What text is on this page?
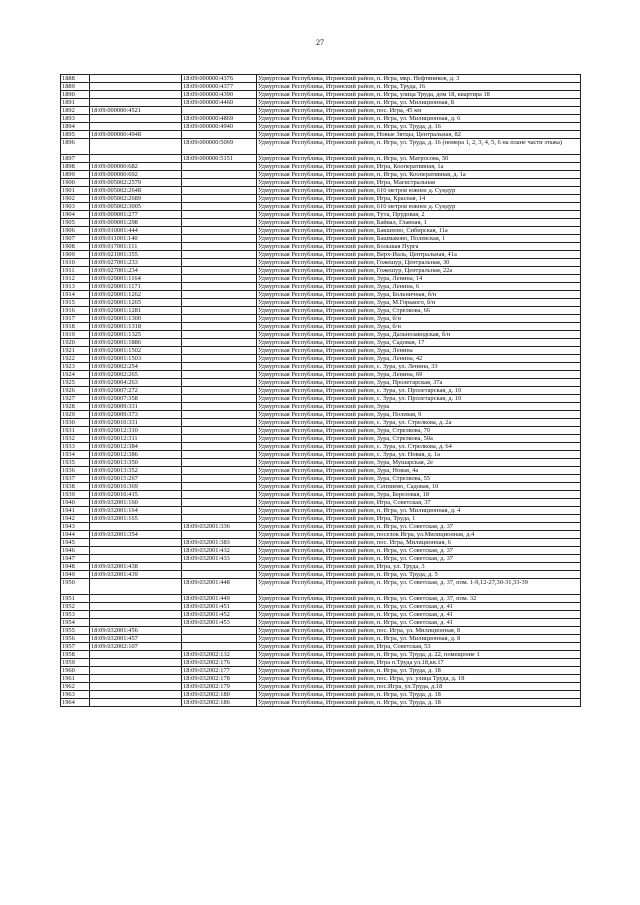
27
1888		18:09:000000:4376	Удмуртская Республика, Игринский район, п. Игра, мкр. Нефтяников, д. 3
1889		18:09:000000:4377	Удмуртская Республика, Игринский район, п. Игра, Труда, 16
1890		18:09:000000:4390	Удмуртская Республика, Игринский район, п. Игра, улица Труда, дом 18, квартира 18
1891		18:09:000000:4460	Удмуртская Республика, Игринский район, п. Игра, ул. Милиционная, 8
1892	18:09:000000:4521		Удмуртская Республика, Игринский район, пос. Игра, 45 км
1893		18:09:000000:4869	Удмуртская Республика, Игринский район, п. Игра, ул. Милиционная, д. 6
1894		18:09:000000:4940	Удмуртская Республика, Игринский район, п. Игра, ул. Труда, д. 16
1895	18:09:000000:4948		Удмуртская Республика, Игринский район, Новые Зятцы, Центральная, 82
1896		18:09:000000:5069	Удмуртская Республика, Игринский район, п. Игра, ул. Труда, д. 16 (номера 1, 2, 3, 4, 5, 6 на плане части этажа)
1897		18:09:000000:5151	Удмуртская Республика, Игринский район, п. Игра, ул. Матросова, 50
1898	18:09:000000:682		Удмуртская Республика, Игринский район, Игра, Кооперативная, 1а
1899	18:09:000000:692		Удмуртская Республика, Игринский район, п. Игра, ул. Кооперативная, д. 1а
1900	18:09:005002:2579		Удмуртская Республика, Игринский район, Игра, Магистральная
1901	18:09:005002:2648		Удмуртская Республика, Игринский район, 610 метров южнее д. Сундур
1902	18:09:005002:2689		Удмуртская Республика, Игринский район, Игра, Красная, 14
1903	18:09:005002:3005		Удмуртская Республика, Игринский район, 610 метров южнее д. Сундур
1904	18:09:009001:277		Удмуртская Республика, Игринский район, Тута, Прудовая, 2
1905	18:09:009001:298		Удмуртская Республика, Игринский район, Байвал, Главная, 1
1906	18:09:010001:444		Удмуртская Республика, Игринский район, Бакшеево, Сибирская, 11а
1907	18:09:011001:140		Удмуртская Республика, Игринский район, Башмаково, Полевская, 1
1908	18:09:017001:111		Удмуртская Республика, Игринский район, Большая Пурга
1909	18:09:021001:355		Удмуртская Республика, Игринский район, Верх-Иаль, Центральная, 41а
1910	18:09:027001:233		Удмуртская Республика, Игринский район, Гожешур, Центральная, 30
1911	18:09:027001:234		Удмуртская Республика, Игринский район, Гожешур, Центральная, 22а
1912	18:09:029001:1164		Удмуртская Республика, Игринский район, Зура, Ленина, 14
1913	18:09:029001:1171		Удмуртская Республика, Игринский район, Зура, Ленина, 6
1914	18:09:029001:1262		Удмуртская Республика, Игринский район, Зура, Больничная, б/н
1915	18:09:029001:1265		Удмуртская Республика, Игринский район, Зура, М.Горького, б/н
1916	18:09:029001:1281		Удмуртская Республика, Игринский район, Зура, Стрелкова, 66
1917	18:09:029001:1300		Удмуртская Республика, Игринский район, Зура, б/н
1918	18:09:029001:1318		Удмуртская Республика, Игринский район, Зура, б/н
1919	18:09:029001:1325		Удмуртская Республика, Игринский район, Зура, Дальнозаводская, б/н
1920	18:09:029001:1886		Удмуртская Республика, Игринский район, Зура, Садовая, 17
1921	18:09:029001:1502		Удмуртская Республика, Игринский район, Зура, Ленина
1922	18:09:029001:1503		Удмуртская Республика, Игринский район, Зура, Ленина, 42
1923	18:09:029002:254		Удмуртская Республика, Игринский район, с. Зура, ул. Ленина, 33
1924	18:09:029002:265		Удмуртская Республика, Игринский район, Зура, Ленина, 69
1925	18:09:029004:263		Удмуртская Республика, Игринский район, Зура, Пролетарская, 37а
1926	18:09:029007:272		Удмуртская Республика, Игринский район, с. Зура, ул. Пролетарская, д. 10
1927	18:09:029007:358		Удмуртская Республика, Игринский район, с. Зура, ул. Пролетарская, д. 10
1928	18:09:029009:331		Удмуртская Республика, Игринский район, Зура
1929	18:09:029009:373		Удмуртская Республика, Игринский район, Зура, Полевая, 9
1930	18:09:029010:331		Удмуртская Республика, Игринский район, с. Зура, ул. Стрелкова, д. 2а
1931	18:09:029012:310		Удмуртская Республика, Игринский район, Зура, Стрелкова, 70
1932	18:09:029012:311		Удмуртская Республика, Игринский район, Зура, Стрелкова, 50а
1933	18:09:029012:384		Удмуртская Республика, Игринский район, с. Зура, ул. Стрелкова, д. 64
1934	18:09:029012:386		Удмуртская Республика, Игринский район, с. Зура, ул. Новая, д. 1а
1935	18:09:029013:350		Удмуртская Республика, Игринский район, Зура, Мушарская, 2е
1936	18:09:029013:352		Удмуртская Республика, Игринский район, Зура, Новая, 4а
1937	18:09:029015:267		Удмуртская Республика, Игринский район, Зура, Стрелкова, 55
1938	18:09:029016:369		Удмуртская Республика, Игринский район, Сепниево, Садовая, 10
1939	18:09:029016:415		Удмуртская Республика, Игринский район, Зура, Березовая, 18
1940	18:09:032001:160		Удмуртская Республика, Игринский район, Игра, Советская, 37
1941	18:09:032001:164		Удмуртская Республика, Игринский район, п. Игра, ул. Милиционная, д. 4
1942	18:09:032001:165		Удмуртская Республика, Игринский район, Игра, Труда, 1
1943		18:09:032001:336	Удмуртская Республика, Игринский район, п. Игра, ул. Советская, д. 37
1944	18:09:032001:354		Удмуртская Республика, Игринский район, поселок Игра, ул.Милиционная, д.4
1945		18:09:032001:383	Удмуртская Республика, Игринский район, пос. Игра, Милиционная, 6
1946		18:09:032001:432	Удмуртская Республика, Игринский район, п. Игра, ул. Советская, д. 37
1947		18:09:032001:433	Удмуртская Республика, Игринский район, п. Игра, ул. Советская, д. 37
1948	18:09:032001:438		Удмуртская Республика, Игринский район, Игра, ул. Труда, 3
1949	18:09:032001:439		Удмуртская Республика, Игринский район, п. Игра, ул. Труда, д. 5
1950		18:09:032001:448	Удмуртская Республика, Игринский район, п. Игра, ул. Советская, д. 37, пом. 1-9,12-27,30-31,33-39
1951		18:09:032001:449	Удмуртская Республика, Игринский район, п. Игра, ул. Советская, д. 37, пом. 32
1952		18:09:032001:451	Удмуртская Республика, Игринский район, п. Игра, ул. Советская, д. 41
1953		18:09:032001:452	Удмуртская Республика, Игринский район, п. Игра, ул. Советская, д. 41
1954		18:09:032001:453	Удмуртская Республика, Игринский район, п. Игра, ул. Советская, д. 41
1955	18:09:032001:456		Удмуртская Республика, Игринский район, пос. Игра, ул. Милиционная, 8
1956	18:09:032001:457		Удмуртская Республика, Игринский район, п. Игра, ул. Милиционная, д. 8
1957	18:09:032002:107		Удмуртская Республика, Игринский район, Игра, Советская, 53
1958		18:09:032002:132	Удмуртская Республика, Игринский район, п. Игра, ул. Труда, д. 22, помещение 1
1959		18:09:032002:176	Удмуртская Республика, Игринский район, Игра п.Труда ул.18,кв.17
1960		18:09:032002:177	Удмуртская Республика, Игринский район, п. Игра, ул. Труда, д. 18
1961		18:09:032002:178	Удмуртская Республика, Игринский район, пос. Игра, ул. улица Труда, д. 18
1962		18:09:032002:179	Удмуртская Республика, Игринский район, пос.Игра, ул.Труда, д.18
1963		18:09:032002:180	Удмуртская Республика, Игринский район, п. Игра, ул. Труда, д. 18
1964		18:09:032002:186	Удмуртская Республика, Игринский район, п. Игра, ул. Труда, д. 18
